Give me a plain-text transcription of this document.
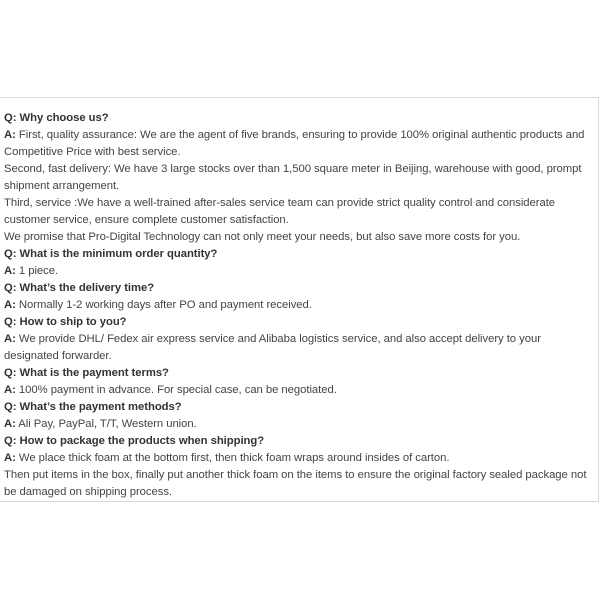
Q: Why choose us?
A: First, quality assurance: We are the agent of five brands, ensuring to provide 100% original authentic products and Competitive Price with best service.
Second, fast delivery: We have 3 large stocks over than 1,500 square meter in Beijing, warehouse with good, prompt shipment arrangement.
Third, service :We have a well-trained after-sales service team can provide strict quality control and considerate customer service, ensure complete customer satisfaction.
We promise that Pro-Digital Technology can not only meet your needs, but also save more costs for you.
Q: What is the minimum order quantity?
A: 1 piece.
Q: What’s the delivery time?
A: Normally 1-2 working days after PO and payment received.
Q: How to ship to you?
A: We provide DHL/ Fedex air express service and Alibaba logistics service, and also accept delivery to your designated forwarder.
Q: What is the payment terms?
A: 100% payment in advance. For special case, can be negotiated.
Q: What’s the payment methods?
A: Ali Pay, PayPal, T/T, Western union.
Q: How to package the products when shipping?
A: We place thick foam at the bottom first, then thick foam wraps around insides of carton.
Then put items in the box, finally put another thick foam on the items to ensure the original factory sealed package not be damaged on shipping process.
